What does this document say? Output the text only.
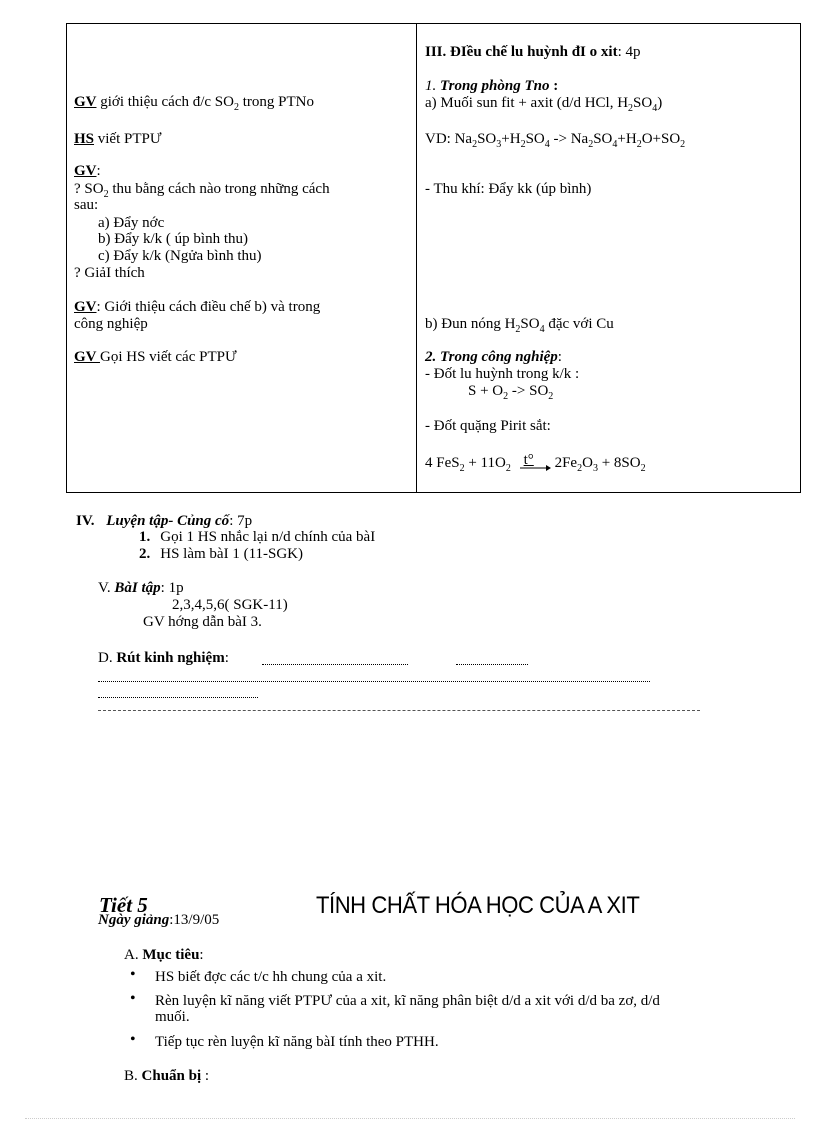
GV giới thiệu cách đ/c $SO_2$ trong PTNo
HS viết PTPƯ
GV:
? $SO_2$ thu bằng cách nào trong những cách
sau:
a) Đẩy nớc
b) Đẩy k/k ( úp bình thu)
c) Đẩy k/k (Ngửa bình thu)
? GiảI thích
GV: Giới thiệu cách điều chế b) và trong
công nghiệp
GV Gọi HS viết các PTPƯ
III. ĐIều chế lu huỳnh đI o xit: 4p
1. Trong phòng Tno :
a) Muối sun fit + axit (d/d HCl, $H_2SO_4$)
VD: $Na_2SO_3+H_2SO_4 -> Na_2SO_4+H_2O+SO_2$
- Thu khí: Đẩy kk (úp bình)
b) Đun nóng $H_2SO_4$ đặc với Cu
2. Trong công nghiệp:
- Đốt lu huỳnh trong k/k :
$S + O_2 -> SO_2$
- Đốt quặng Pirit sắt:
4 $FeS_2 + 11O_2$
t° $2Fe_2O_3 + 8SO_2$
IV. Luyện tập- Củng cố: 7p
1. Gọi 1 HS nhắc lại n/d chính của bàI
2. HS làm bàI 1 (11-SGK)
V. BàI tập: 1p
2,3,4,5,6( SGK-11)
GV hớng dẫn bàI 3.
D. Rút kinh nghiệm:
Tiết 5
Ngày giảng:13/9/05
TÍNH CHẤT HÓA HỌC CỦA A XIT
A. Mục tiêu:
• HS biết đợc các t/c hh chung của a xit.
• Rèn luyện kĩ năng viết PTPƯ của a xit, kĩ năng phân biệt d/d a xit với d/d ba zơ, d/d
muối.
• Tiếp tục rèn luyện kĩ năng bàI tính theo PTHH.
B. Chuẩn bị :
